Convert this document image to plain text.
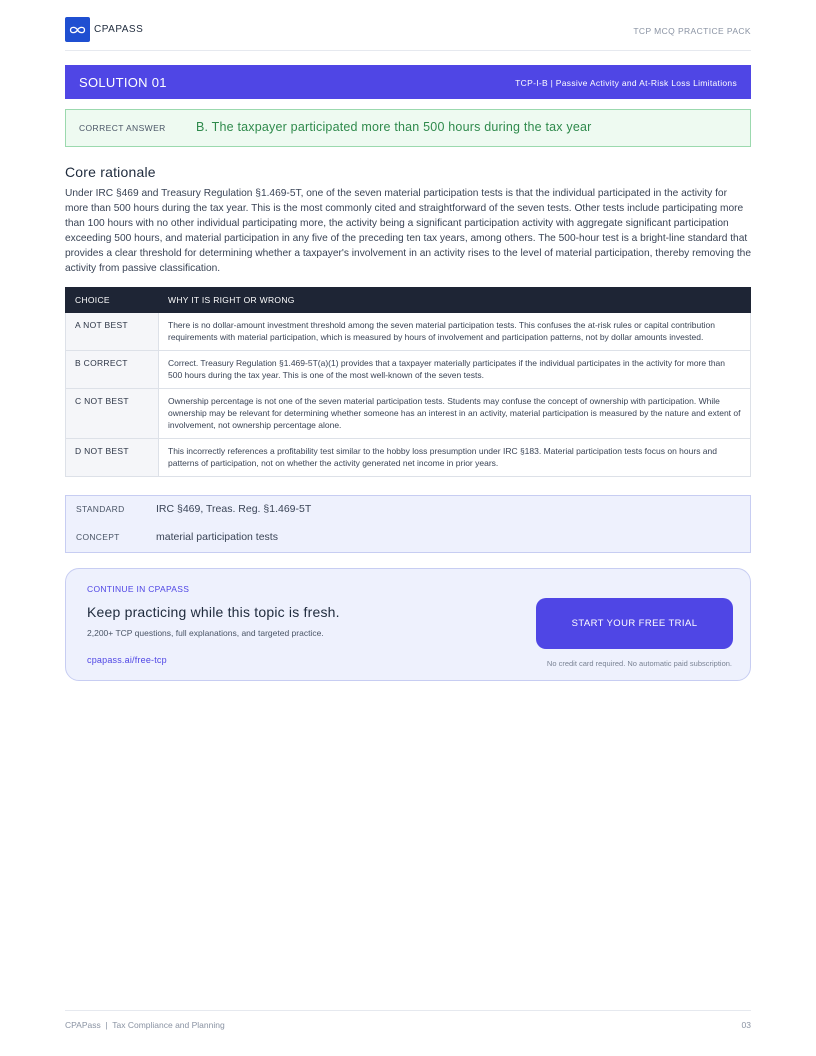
CPAPASS	TCP MCQ PRACTICE PACK
SOLUTION 01	TCP-I-B | Passive Activity and At-Risk Loss Limitations
CORRECT ANSWER B. The taxpayer participated more than 500 hours during the tax year
Core rationale

Under IRC §469 and Treasury Regulation §1.469-5T, one of the seven material participation tests is that the individual participated in the activity for more than 500 hours during the tax year. This is the most commonly cited and straightforward of the seven tests. Other tests include participating more than 100 hours with no other individual participating more, the activity being a significant participation activity with aggregate significant participation exceeding 500 hours, and material participation in any five of the preceding ten tax years, among others. The 500-hour test is a bright-line standard that provides a clear threshold for determining whether a taxpayer's involvement in an activity rises to the level of material participation, thereby removing the activity from passive classification.

CHOICE	WHY IT IS RIGHT OR WRONG
A NOT BEST	There is no dollar-amount investment threshold among the seven material participation tests. This confuses the at-risk rules or capital contribution requirements with material participation, which is measured by hours of involvement and participation patterns, not by dollar amounts invested.
B CORRECT	Correct. Treasury Regulation §1.469-5T(a)(1) provides that a taxpayer materially participates if the individual participates in the activity for more than 500 hours during the tax year. This is one of the most well-known of the seven tests.
C NOT BEST	Ownership percentage is not one of the seven material participation tests. Students may confuse the concept of ownership with participation. While ownership may be relevant for determining whether someone has an interest in an activity, material participation is measured by the nature and extent of involvement, not ownership percentage alone.
D NOT BEST	This incorrectly references a profitability test similar to the hobby loss presumption under IRC §183. Material participation tests focus on hours and patterns of participation, not on whether the activity generated net income in prior years.
STANDARD	IRC §469, Treas. Reg. §1.469-5T
CONCEPT	material participation tests
CONTINUE IN CPAPASS
Keep practicing while this topic is fresh.
2,200+ TCP questions, full explanations, and targeted practice.
cpapass.ai/free-tcp
START YOUR FREE TRIAL
No credit card required. No automatic paid subscription.
CPAPass  |  Tax Compliance and Planning	03
